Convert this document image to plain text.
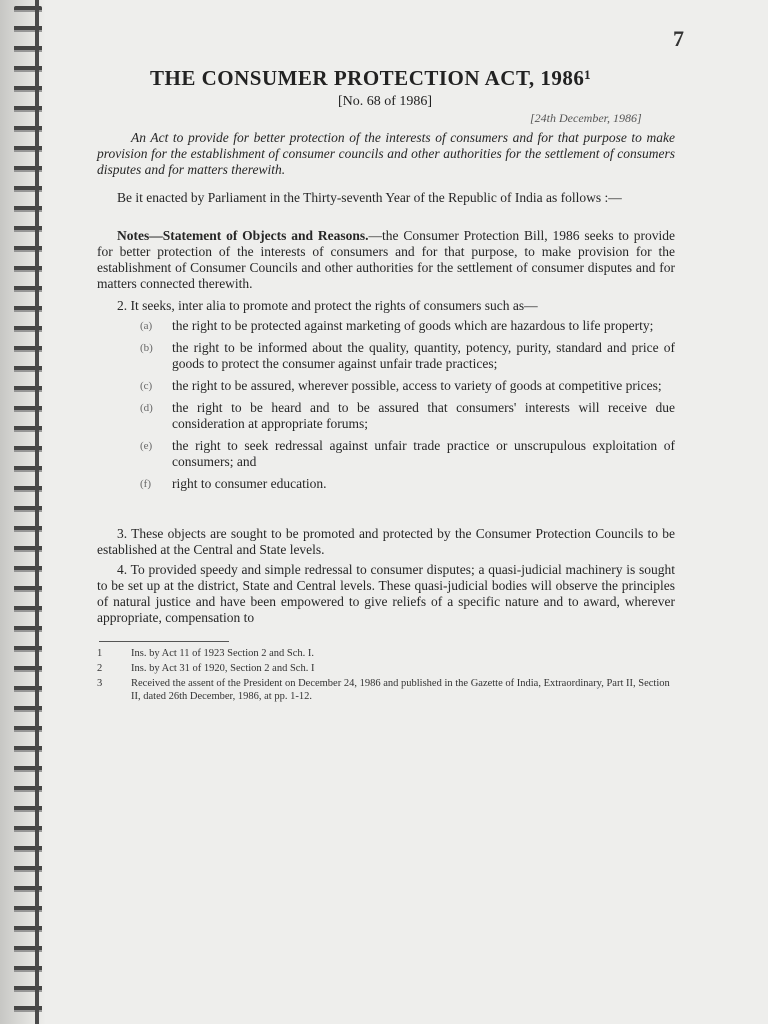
7
THE CONSUMER PROTECTION ACT, 1986¹
[No. 68 of 1986]
[24th December, 1986]
An Act to provide for better protection of the interests of consumers and for that purpose to make provision for the establishment of consumer councils and other authorities for the settlement of consumers disputes and for matters therewith.
Be it enacted by Parliament in the Thirty-seventh Year of the Republic of India as follows :—
Notes—Statement of Objects and Reasons.—the Consumer Protection Bill, 1986 seeks to provide for better protection of the interests of consumers and for that purpose, to make provision for the establishment of Consumer Councils and other authorities for the settlement of consumer disputes and for matters connected therewith.
2. It seeks, inter alia to promote and protect the rights of consumers such as—
(a) the right to be protected against marketing of goods which are hazardous to life property;
(b) the right to be informed about the quality, quantity, potency, purity, standard and price of goods to protect the consumer against unfair trade practices;
(c) the right to be assured, wherever possible, access to variety of goods at competitive prices;
(d) the right to be heard and to be assured that consumers' interests will receive due consideration at appropriate forums;
(e) the right to seek redressal against unfair trade practice or unscrupulous exploitation of consumers; and
(f) right to consumer education.
3. These objects are sought to be promoted and protected by the Consumer Protection Councils to be established at the Central and State levels.
4. To provided speedy and simple redressal to consumer disputes; a quasi-judicial machinery is sought to be set up at the district, State and Central levels. These quasi-judicial bodies will observe the principles of natural justice and have been empowered to give reliefs of a specific nature and to award, wherever appropriate, compensation to
1	Ins. by Act 11 of 1923 Section 2 and Sch. I.
2	Ins. by Act 31 of 1920, Section 2 and Sch. I
3	Received the assent of the President on December 24, 1986 and published in the Gazette of India, Extraordinary, Part II, Section II, dated 26th December, 1986, at pp. 1-12.
